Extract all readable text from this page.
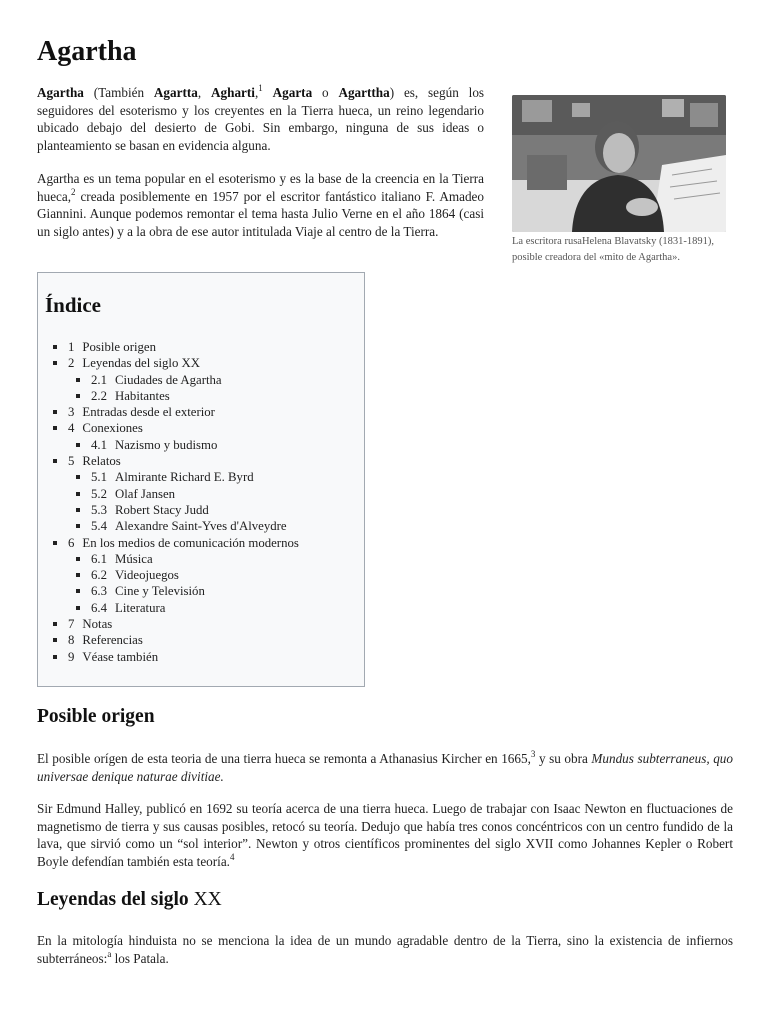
Agartha

Agartha (También Agartta, Agharti,$^1$ Agarta o Agarttha) es, según los seguidores del esoterismo y los creyentes en la Tierra hueca, un reino legendario ubicado debajo del desierto de Gobi. Sin embargo, ninguna de sus ideas o planteamiento se basan en evidencia alguna.

Agartha es un tema popular en el esoterismo y es la base de la creencia en la Tierra hueca,$^2$ creada posiblemente en 1957 por el escritor fantástico italiano F. Amadeo Giannini. Aunque podemos remontar el tema hasta Julio Verne en el año 1864 (casi un siglo antes) y a la obra de ese autor intitulada Viaje al centro de la Tierra.

La escritora rusaHelena Blavatsky (1831-1891), posible creadora del «mito de Agartha».
Índice
1 Posible origen
2 Leyendas del siglo XX
2.1 Ciudades de Agartha
2.2 Habitantes
3 Entradas desde el exterior
4 Conexiones
4.1 Nazismo y budismo
5 Relatos
5.1 Almirante Richard E. Byrd
5.2 Olaf Jansen
5.3 Robert Stacy Judd
5.4 Alexandre Saint-Yves d'Alveydre
6 En los medios de comunicación modernos
6.1 Música
6.2 Videojuegos
6.3 Cine y Televisión
6.4 Literatura
7 Notas
8 Referencias
9 Véase también
Posible origen

El posible orígen de esta teoria de una tierra hueca se remonta a Athanasius Kircher en 1665,$^3$ y su obra Mundus subterraneus, quo universae denique naturae divitiae.

Sir Edmund Halley, publicó en 1692 su teoría acerca de una tierra hueca. Luego de trabajar con Isaac Newton en fluctuaciones de magnetismo de tierra y sus causas posibles, retocó su teoría. Dedujo que había tres conos concéntricos con un centro fundido de la lava, que sirvió como un “sol interior”. Newton y otros científicos prominentes del siglo XVII como Johannes Kepler o Robert Boyle defendían también esta teoría.$^4$

Leyendas del siglo XX

En la mitología hinduista no se menciona la idea de un mundo agradable dentro de la Tierra, sino la existencia de infiernos subterráneos:$^a$ los Patala.
